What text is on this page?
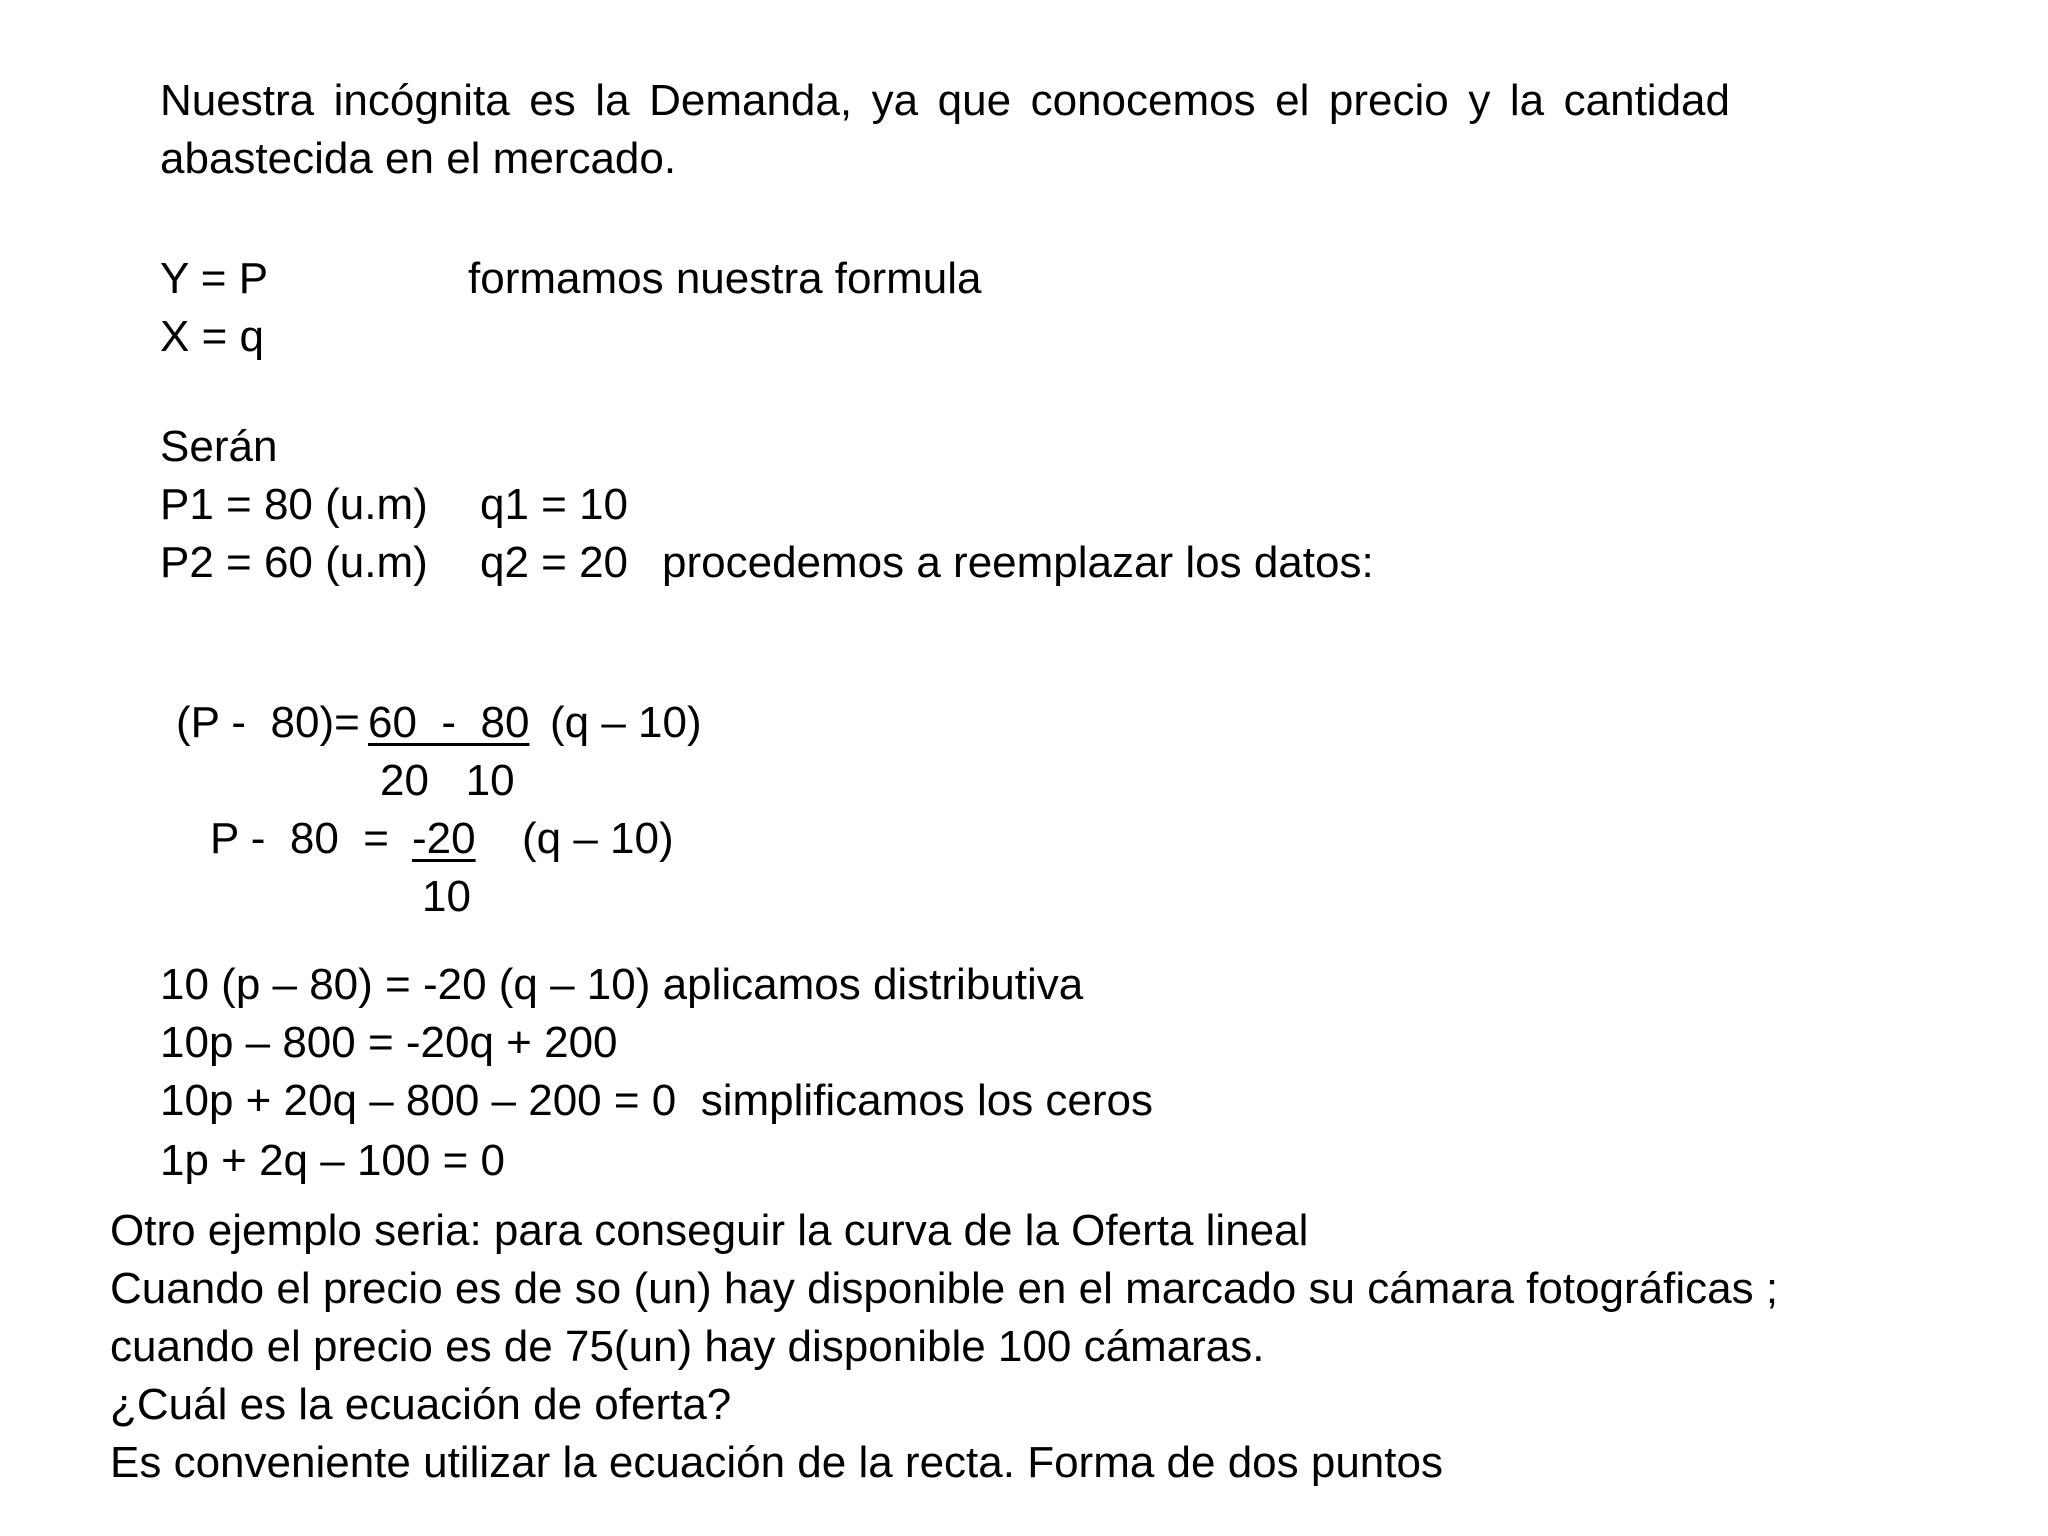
Nuestra incógnita es la Demanda, ya que conocemos el precio y la cantidad
abastecida en el mercado.
Y = P	formamos nuestra formula
X = q
Serán
P1 = 80 (u.m) q1 = 10
P2 = 60 (u.m) q2 = 20 procedemos a reemplazar los datos:
(P -  80)= 60  -  80 (q – 10)
20   10
P -  80  = -20 (q – 10)
10
10 (p – 80) = -20 (q – 10) aplicamos distributiva
10p – 800 = -20q + 200
10p + 20q – 800 – 200 = 0  simplificamos los ceros
1p + 2q – 100 = 0
Otro ejemplo seria: para conseguir la curva de la Oferta lineal
Cuando el precio es de so (un) hay disponible en el marcado su cámara fotográficas ;
cuando el precio es de 75(un) hay disponible 100 cámaras.
¿Cuál es la ecuación de oferta?
Es conveniente utilizar la ecuación de la recta. Forma de dos puntos
